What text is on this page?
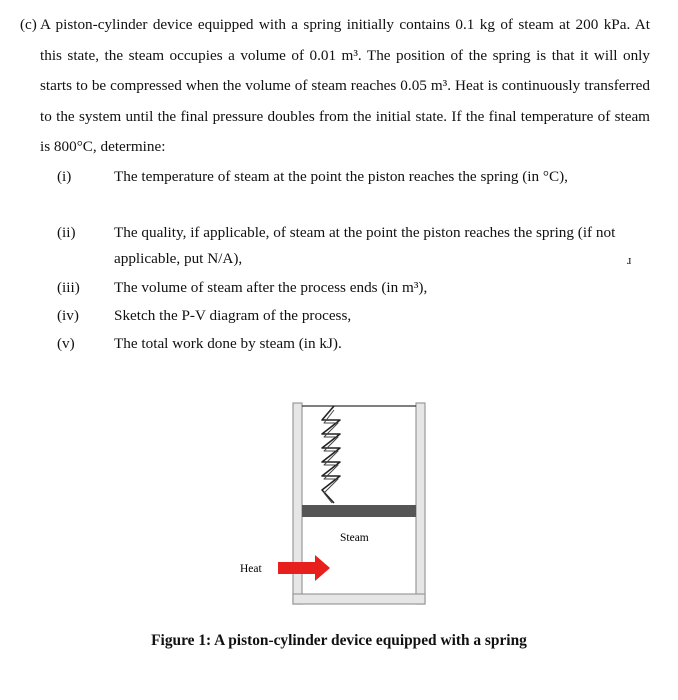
(c) A piston-cylinder device equipped with a spring initially contains 0.1 kg of steam at 200 kPa. At this state, the steam occupies a volume of 0.01 m³. The position of the spring is that it will only starts to be compressed when the volume of steam reaches 0.05 m³. Heat is continuously transferred to the system until the final pressure doubles from the initial state. If the final temperature of steam is 800°C, determine:

(i)	The temperature of steam at the point the piston reaches the spring (in °C),
(ii)	The quality, if applicable, of steam at the point the piston reaches the spring (if not
applicable, put N/A),	ɹ
(iii)	The volume of steam after the process ends (in m³),
(iv)	Sketch the P-V diagram of the process,
(v)	The total work done by steam (in kJ).
Steam
Heat
Figure 1: A piston-cylinder device equipped with a spring
